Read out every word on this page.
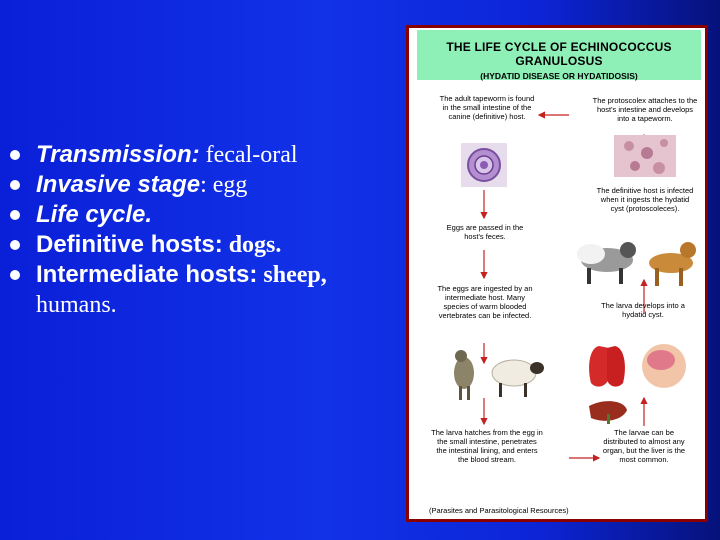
Transmission: fecal-oral
Invasive stage: egg
Life cycle.
Definitive hosts: dogs.
Intermediate hosts: sheep,
humans.
THE LIFE CYCLE OF ECHINOCOCCUS GRANULOSUS
(HYDATID DISEASE OR HYDATIDOSIS)
The adult tapeworm is found in the small intestine of the canine (definitive) host.
The protoscolex attaches to the host's intestine and develops into a tapeworm.
The definitive host is infected when it ingests the hydatid cyst (protoscoleces).
Eggs are passed in the host's feces.
The eggs are ingested by an intermediate host. Many species of warm blooded vertebrates can be infected.
The larva develops into a hydatid cyst.
The larva hatches from the egg in the small intestine, penetrates the intestinal lining, and enters the blood stream.
The larvae can be distributed to almost any organ, but the liver is the most common.
(Parasites and Parasitological Resources)
